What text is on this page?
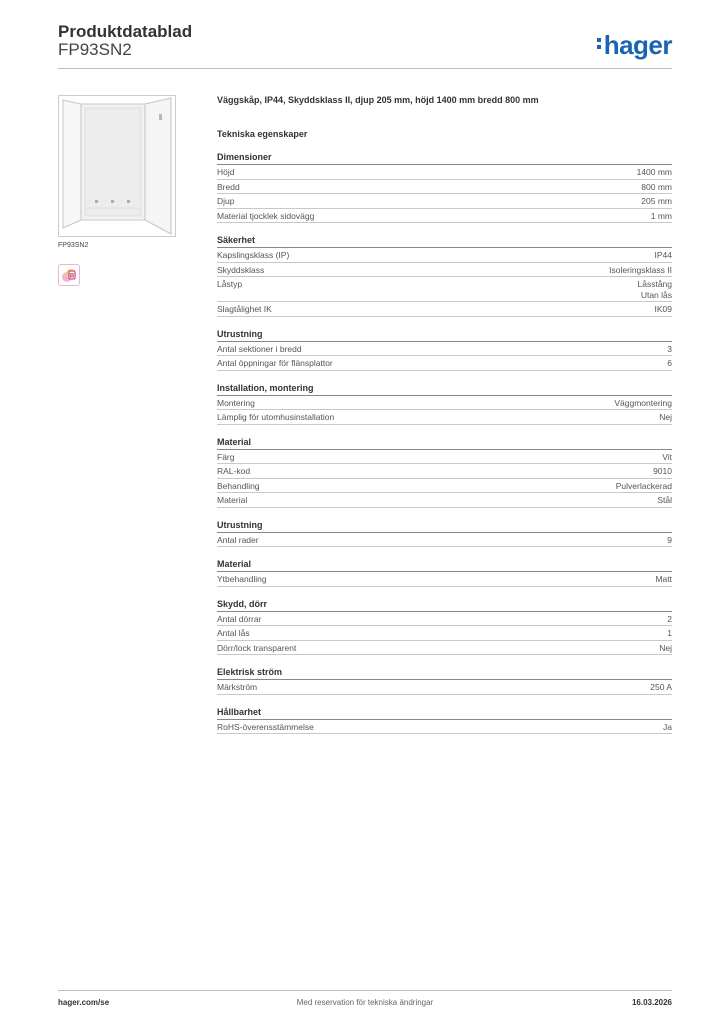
Produktdatablad
FP93SN2	hager
FP93SN2
B
Väggskåp, IP44, Skyddsklass II, djup 205 mm, höjd 1400 mm bredd 800 mm
Tekniska egenskaper
Dimensioner
Höjd	1400 mm
Bredd	800 mm
Djup	205 mm
Material tjocklek sidovägg	1 mm
Säkerhet
Kapslingsklass (IP)	IP44
Skyddsklass	Isoleringsklass II
Låstyp	Låsstång
Utan lås
Slagtålighet IK	IK09
Utrustning
Antal sektioner i bredd	3
Antal öppningar för flänsplattor	6
Installation, montering
Montering	Väggmontering
Lämplig för utomhusinstallation	Nej
Material
Färg	Vit
RAL-kod	9010
Behandling	Pulverlackerad
Material	Stål
Utrustning
Antal rader	9
Material
Ytbehandling	Matt
Skydd, dörr
Antal dörrar	2
Antal lås	1
Dörr/lock transparent	Nej
Elektrisk ström
Märkström	250 A
Hållbarhet
RoHS-överensstämmelse	Ja
hager.com/se	Med reservation för tekniska ändringar	16.03.2026
